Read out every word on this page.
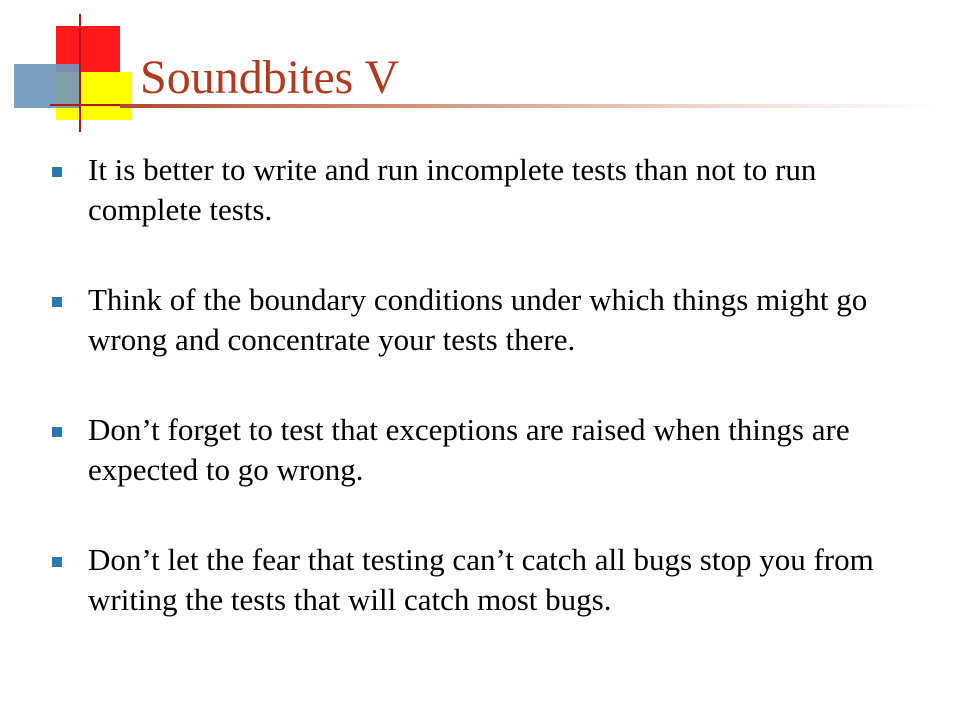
Soundbites V
It is better to write and run incomplete tests than not to run complete tests.
Think of the boundary conditions under which things might go wrong and concentrate your tests there.
Don’t forget to test that exceptions are raised when things are expected to go wrong.
Don’t let the fear that testing can’t catch all bugs stop you from writing the tests that will catch most bugs.
